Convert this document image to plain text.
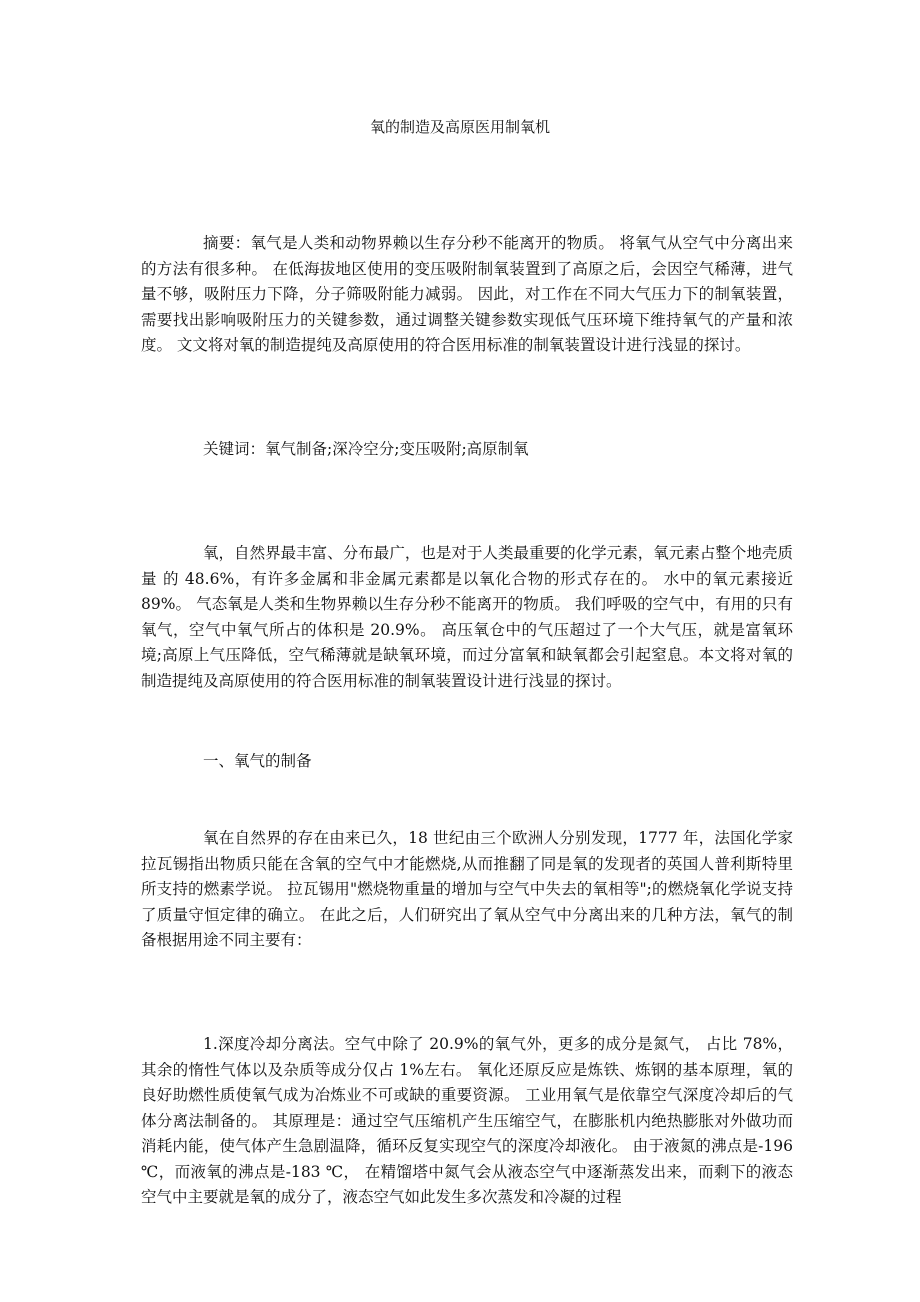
氧的制造及高原医用制氧机

摘要：氧气是人类和动物界赖以生存分秒不能离开的物质。 将氧气从空气中分离出来的方法有很多种。 在低海拔地区使用的变压吸附制氧装置到了高原之后，会因空气稀薄，进气量不够，吸附压力下降，分子筛吸附能力减弱。 因此，对工作在不同大气压力下的制氧装置，需要找出影响吸附压力的关键参数，通过调整关键参数实现低气压环境下维持氧气的产量和浓度。 文文将对氧的制造提纯及高原使用的符合医用标准的制氧装置设计进行浅显的探讨。

关键词：氧气制备;深冷空分;变压吸附;高原制氧

氧，自然界最丰富、分布最广，也是对于人类最重要的化学元素，氧元素占整个地壳质量 的 48.6%，有许多金属和非金属元素都是以氧化合物的形式存在的。 水中的氧元素接近 89%。 气态氧是人类和生物界赖以生存分秒不能离开的物质。 我们呼吸的空气中，有用的只有氧气，空气中氧气所占的体积是 20.9%。 高压氧仓中的气压超过了一个大气压，就是富氧环境;高原上气压降低，空气稀薄就是缺氧环境，而过分富氧和缺氧都会引起窒息。本文将对氧的制造提纯及高原使用的符合医用标准的制氧装置设计进行浅显的探讨。

一、氧气的制备

氧在自然界的存在由来已久，18 世纪由三个欧洲人分别发现，1777 年，法国化学家拉瓦锡指出物质只能在含氧的空气中才能燃烧,从而推翻了同是氧的发现者的英国人普利斯特里所支持的燃素学说。 拉瓦锡用"燃烧物重量的增加与空气中失去的氧相等";的燃烧氧化学说支持了质量守恒定律的确立。 在此之后，人们研究出了氧从空气中分离出来的几种方法，氧气的制备根据用途不同主要有：

1.深度冷却分离法。空气中除了 20.9%的氧气外，更多的成分是氮气， 占比 78%，其余的惰性气体以及杂质等成分仅占 1%左右。 氧化还原反应是炼铁、炼钢的基本原理，氧的良好助燃性质使氧气成为冶炼业不可或缺的重要资源。 工业用氧气是依靠空气深度冷却后的气体分离法制备的。 其原理是：通过空气压缩机产生压缩空气，在膨胀机内绝热膨胀对外做功而消耗内能，使气体产生急剧温降，循环反复实现空气的深度冷却液化。 由于液氮的沸点是-196 ℃，而液氧的沸点是-183 ℃， 在精馏塔中氮气会从液态空气中逐渐蒸发出来，而剩下的液态空气中主要就是氧的成分了，液态空气如此发生多次蒸发和冷凝的过程
